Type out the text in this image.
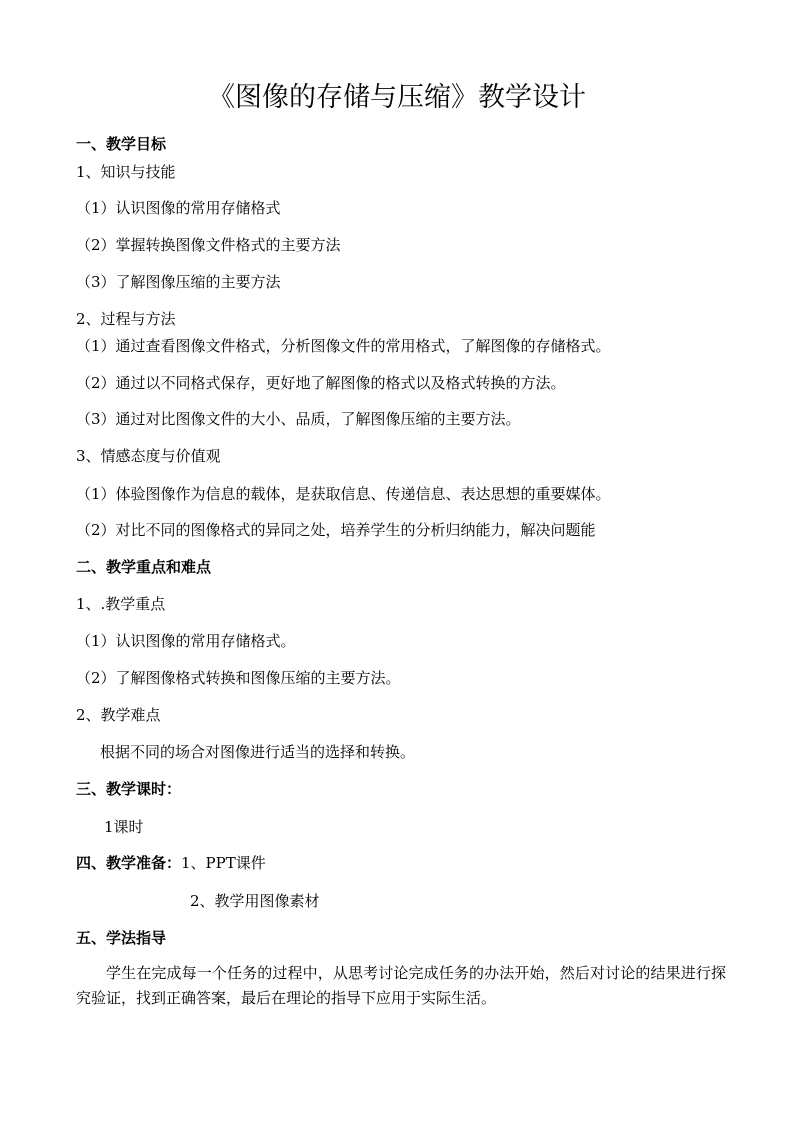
《图像的存储与压缩》教学设计
一、教学目标
1、知识与技能
（1）认识图像的常用存储格式
（2）掌握转换图像文件格式的主要方法
（3）了解图像压缩的主要方法
2、过程与方法
（1）通过查看图像文件格式，分析图像文件的常用格式，了解图像的存储格式。
（2）通过以不同格式保存，更好地了解图像的格式以及格式转换的方法。
（3）通过对比图像文件的大小、品质，了解图像压缩的主要方法。
3、情感态度与价值观
（1）体验图像作为信息的载体，是获取信息、传递信息、表达思想的重要媒体。
（2）对比不同的图像格式的异同之处，培养学生的分析归纳能力，解决问题能
二、教学重点和难点
1、.教学重点
（1）认识图像的常用存储格式。
（2）了解图像格式转换和图像压缩的主要方法。
2、教学难点
根据不同的场合对图像进行适当的选择和转换。
三、教学课时：
1课时
四、教学准备：1、PPT课件
2、教学用图像素材
五、学法指导
学生在完成每一个任务的过程中，从思考讨论完成任务的办法开始，然后对讨论的结果进行探究验证，找到正确答案，最后在理论的指导下应用于实际生活。
